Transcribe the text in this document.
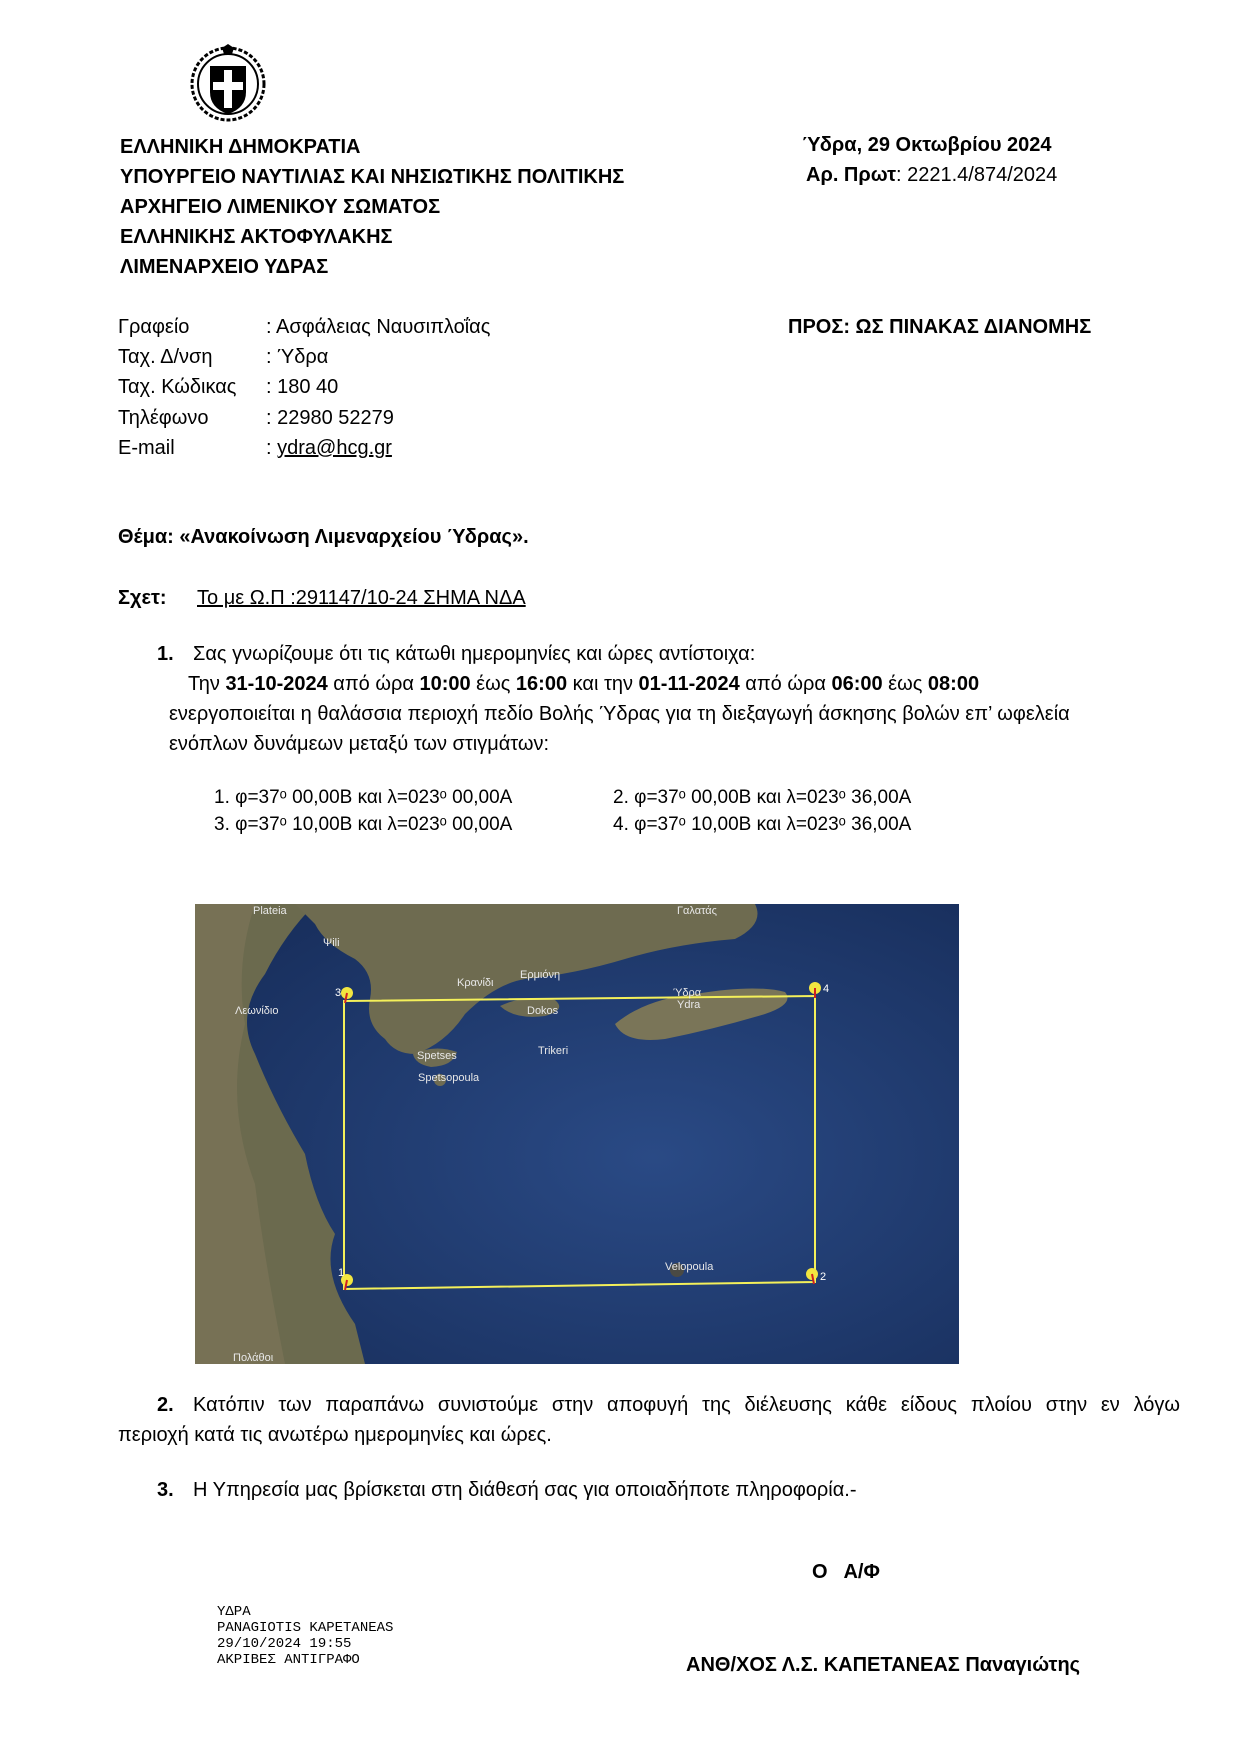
ΕΛΛΗΝΙΚΗ ΔΗΜΟΚΡΑΤΙΑ
ΥΠΟΥΡΓΕΙΟ ΝΑΥΤΙΛΙΑΣ ΚΑΙ ΝΗΣΙΩΤΙΚΗΣ ΠΟΛΙΤΙΚΗΣ
ΑΡΧΗΓΕΙΟ ΛΙΜΕΝΙΚΟΥ ΣΩΜΑΤΟΣ
ΕΛΛΗΝΙΚΗΣ ΑΚΤΟΦΥΛΑΚΗΣ
ΛΙΜΕΝΑΡΧΕΙΟ ΥΔΡΑΣ
Ύδρα, 29 Οκτωβρίου 2024
Αρ. Πρωτ: 2221.4/874/2024
Γραφείο	: Ασφάλειας Ναυσιπλοΐας
Ταχ. Δ/νση	: Ύδρα
Ταχ. Κώδικας : 180 40
Τηλέφωνο	: 22980 52279
E-mail	: ydra@hcg.gr
ΠΡΟΣ: ΩΣ ΠΙΝΑΚΑΣ ΔΙΑΝΟΜΗΣ
Θέμα: «Ανακοίνωση Λιμεναρχείου Ύδρας».
Σχετ: Το με Ω.Π :291147/10-24 ΣΗΜΑ ΝΔΑ
1. Σας γνωρίζουμε ότι τις κάτωθι ημερομηνίες και ώρες αντίστοιχα:
Την 31-10-2024 από ώρα 10:00 έως 16:00 και την 01-11-2024 από ώρα 06:00 έως 08:00
ενεργοποιείται η θαλάσσια περιοχή πεδίο Βολής Ύδρας για τη διεξαγωγή άσκησης βολών επ’ ωφελεία
ενόπλων δυνάμεων μεταξύ των στιγμάτων:
1. φ=37ᵒ 00,00Β και λ=023ᵒ 00,00Α	2. φ=37ᵒ 00,00Β και λ=023ᵒ 36,00Α
3. φ=37ᵒ 10,00Β και λ=023ᵒ 00,00Α	4. φ=37ᵒ 10,00Β και λ=023ᵒ 36,00Α
3	4
1	2
Plateia	Γαλατάς
Ψili
Κρανίδι
Ερμιόνη
Dokos
Ύδρα
Ydra
Spetses	Trikeri
Spetsopoula
Λεωνίδιο
Velopoula
Πολάθοι
2. Κατόπιν των παραπάνω συνιστούμε στην αποφυγή της διέλευσης κάθε είδους πλοίου στην εν λόγω
περιοχή κατά τις ανωτέρω ημερομηνίες και ώρες.
3. Η Υπηρεσία μας βρίσκεται στη διάθεσή σας για οποιαδήποτε πληροφορία.-
Ο   Α/Φ
ΑΝΘ/ΧΟΣ Λ.Σ. ΚΑΠΕΤΑΝΕΑΣ Παναγιώτης
ΥΔΡΑ
PANAGIOTIS ΚΑΡΕΤΑΝΕΑS
29/10/2024 19:55
ΑΚΡΙΒΕΣ ΑΝΤΙΓΡΑΦΟ
